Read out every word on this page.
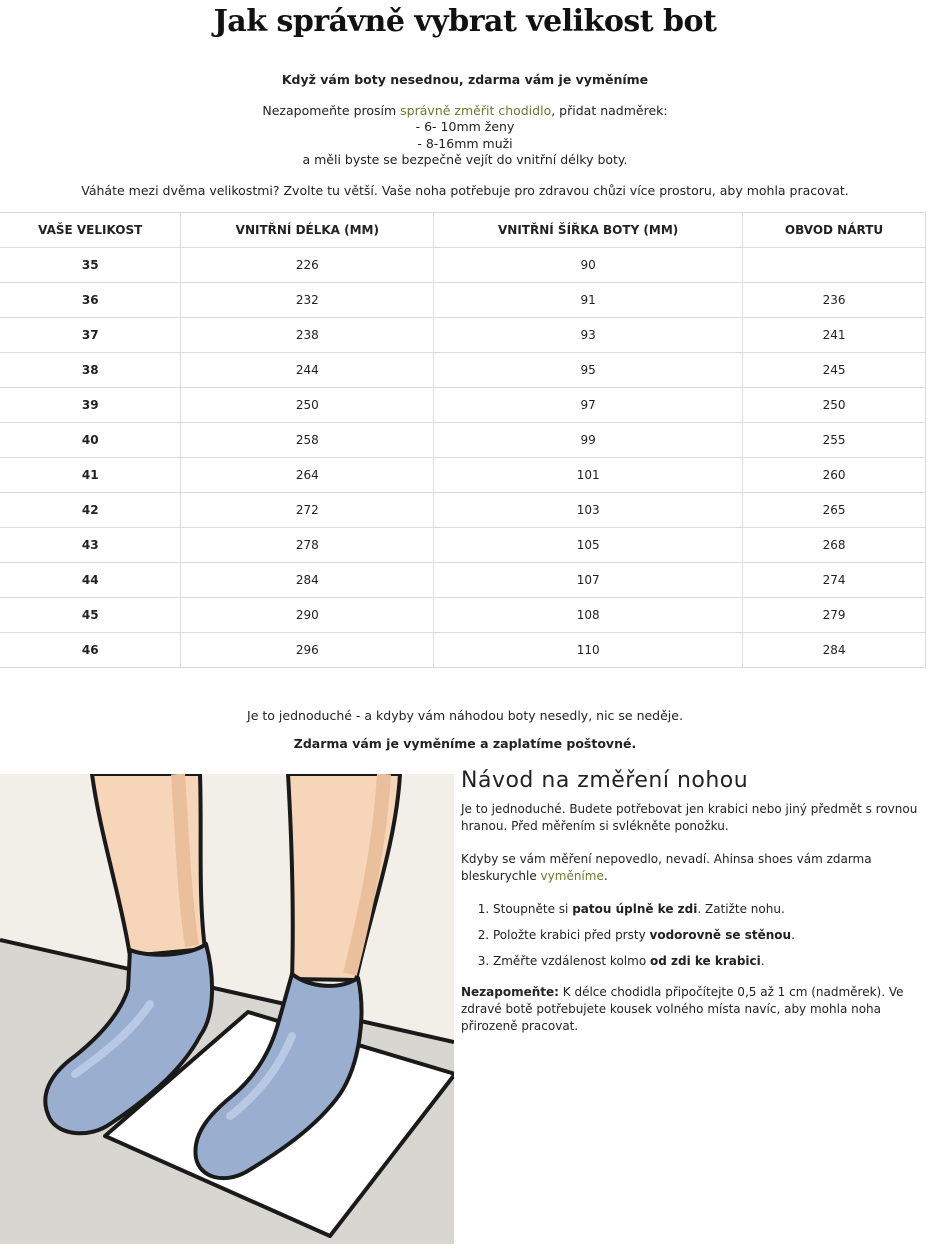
Jak správně vybrat velikost bot

Když vám boty nesednou, zdarma vám je vyměníme

Nezapomeňte prosím správně změřit chodidlo, přidat nadměrek:

- 6- 10mm ženy

- 8-16mm muži

a měli byste se bezpečně vejít do vnitřní délky boty.

Váháte mezi dvěma velikostmi? Zvolte tu větší. Vaše noha potřebuje pro zdravou chůzi více prostoru, aby mohla pracovat.

VAŠE VELIKOST	VNITŘNÍ DÉLKA (MM)	VNITŘNÍ ŠÍŘKA BOTY (MM)	OBVOD NÁRTU
35	226	90	
36	232	91	236
37	238	93	241
38	244	95	245
39	250	97	250
40	258	99	255
41	264	101	260
42	272	103	265
43	278	105	268
44	284	107	274
45	290	108	279
46	296	110	284

Je to jednoduché - a kdyby vám náhodou boty nesedly, nic se neděje.

Zdarma vám je vyměníme a zaplatíme poštovné.

Návod na změření nohou

Je to jednoduché. Budete potřebovat jen krabici nebo jiný předmět s rovnou hranou. Před měřením si svlékněte ponožku.

Kdyby se vám měření nepovedlo, nevadí. Ahinsa shoes vám zdarma bleskurychle vyměníme.

1. Stoupněte si patou úplně ke zdi. Zatižte nohu.
2. Položte krabici před prsty vodorovně se stěnou.
3. Změřte vzdálenost kolmo od zdi ke krabici.

Nezapomeňte: K délce chodidla připočítejte 0,5 až 1 cm (nadměrek). Ve zdravé botě potřebujete kousek volného místa navíc, aby mohla noha přirozeně pracovat.
